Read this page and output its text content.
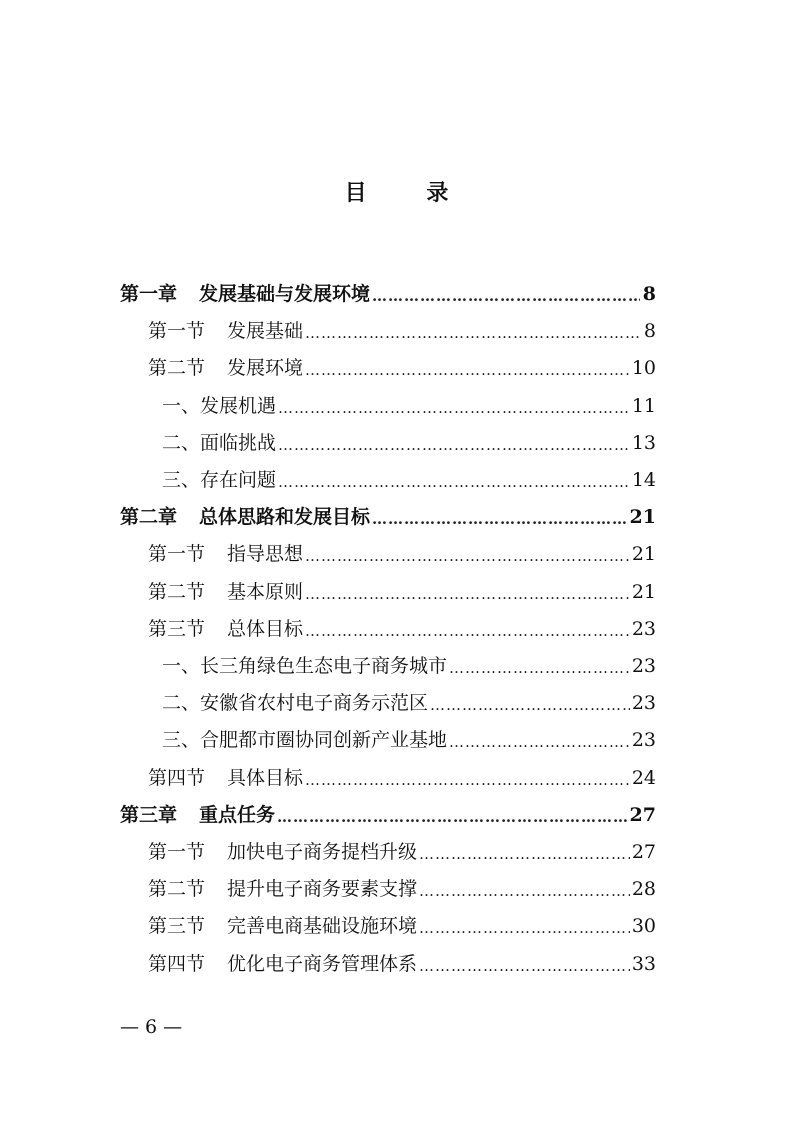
目 录
第一章 发展基础与发展环境 …………………………………………………………………………………………………………………………………………	8
第一节 发展基础 …………………………………………………………………………………………………………………………………………	8
第二节 发展环境 …………………………………………………………………………………………………………………………………………	10
一、发展机遇 …………………………………………………………………………………………………………………………………………	11
二、面临挑战 …………………………………………………………………………………………………………………………………………	13
三、存在问题 …………………………………………………………………………………………………………………………………………	14
第二章 总体思路和发展目标 …………………………………………………………………………………………………………………………………………	21
第一节 指导思想 …………………………………………………………………………………………………………………………………………	21
第二节 基本原则 …………………………………………………………………………………………………………………………………………	21
第三节 总体目标 …………………………………………………………………………………………………………………………………………	23
一、长三角绿色生态电子商务城市 …………………………………………………………………………………………………………………………………………	23
二、安徽省农村电子商务示范区 …………………………………………………………………………………………………………………………………………	23
三、合肥都市圈协同创新产业基地 …………………………………………………………………………………………………………………………………………	23
第四节 具体目标 …………………………………………………………………………………………………………………………………………	24
第三章 重点任务 …………………………………………………………………………………………………………………………………………	27
第一节 加快电子商务提档升级 …………………………………………………………………………………………………………………………………………	27
第二节 提升电子商务要素支撑 …………………………………………………………………………………………………………………………………………	28
第三节 完善电商基础设施环境 …………………………………………………………………………………………………………………………………………	30
第四节 优化电子商务管理体系 …………………………………………………………………………………………………………………………………………	33
— 6 —
